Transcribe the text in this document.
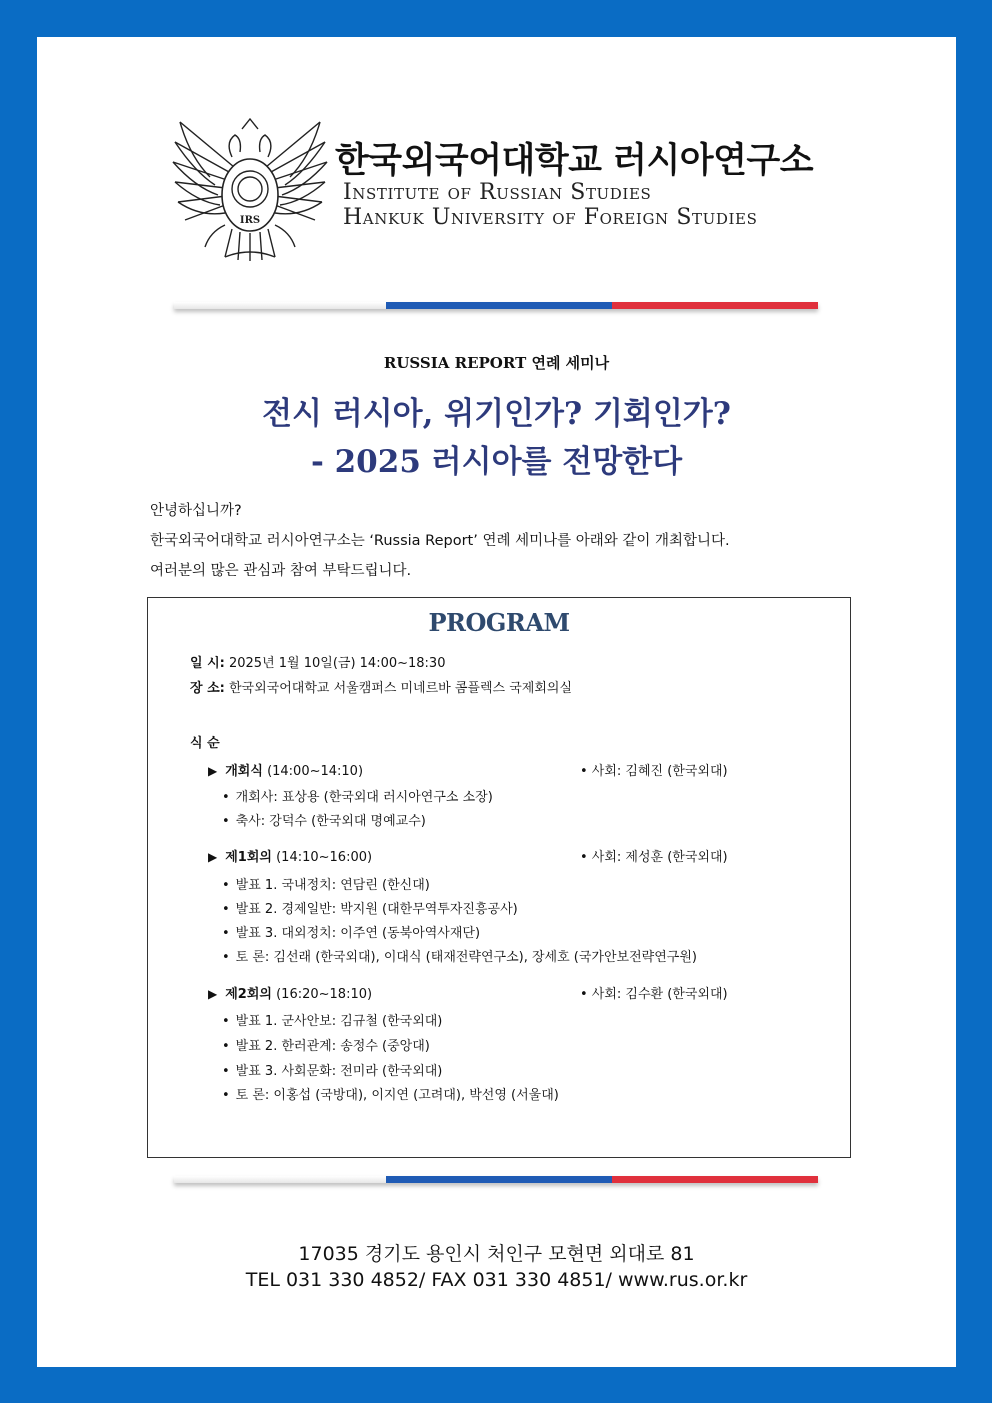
IRS
한국외국어대학교 러시아연구소
Institute of Russian Studies
Hankuk University of Foreign Studies
RUSSIA REPORT 연례 세미나
전시 러시아, 위기인가? 기회인가?
- 2025 러시아를 전망한다
안녕하십니까?
한국외국어대학교 러시아연구소는 ‘Russia Report’ 연례 세미나를 아래와 같이 개최합니다.
여러분의 많은 관심과 참여 부탁드립니다.
PROGRAM
일 시: 2025년 1월 10일(금) 14:00~18:30
장 소: 한국외국어대학교 서울캠퍼스 미네르바 콤플렉스 국제회의실
식 순
▶ 개회식 (14:00~14:10)	• 사회: 김혜진 (한국외대)
• 개회사: 표상용 (한국외대 러시아연구소 소장)
• 축사: 강덕수 (한국외대 명예교수)
▶ 제1회의 (14:10~16:00)	• 사회: 제성훈 (한국외대)
• 발표 1. 국내정치: 연담린 (한신대)
• 발표 2. 경제일반: 박지원 (대한무역투자진흥공사)
• 발표 3. 대외정치: 이주연 (동북아역사재단)
• 토 론: 김선래 (한국외대), 이대식 (태재전략연구소), 장세호 (국가안보전략연구원)
▶ 제2회의 (16:20~18:10)	• 사회: 김수환 (한국외대)
• 발표 1. 군사안보: 김규철 (한국외대)
• 발표 2. 한러관계: 송정수 (중앙대)
• 발표 3. 사회문화: 전미라 (한국외대)
• 토 론: 이홍섭 (국방대), 이지연 (고려대), 박선영 (서울대)
17035 경기도 용인시 처인구 모현면 외대로 81
TEL 031 330 4852/ FAX 031 330 4851/ www.rus.or.kr
